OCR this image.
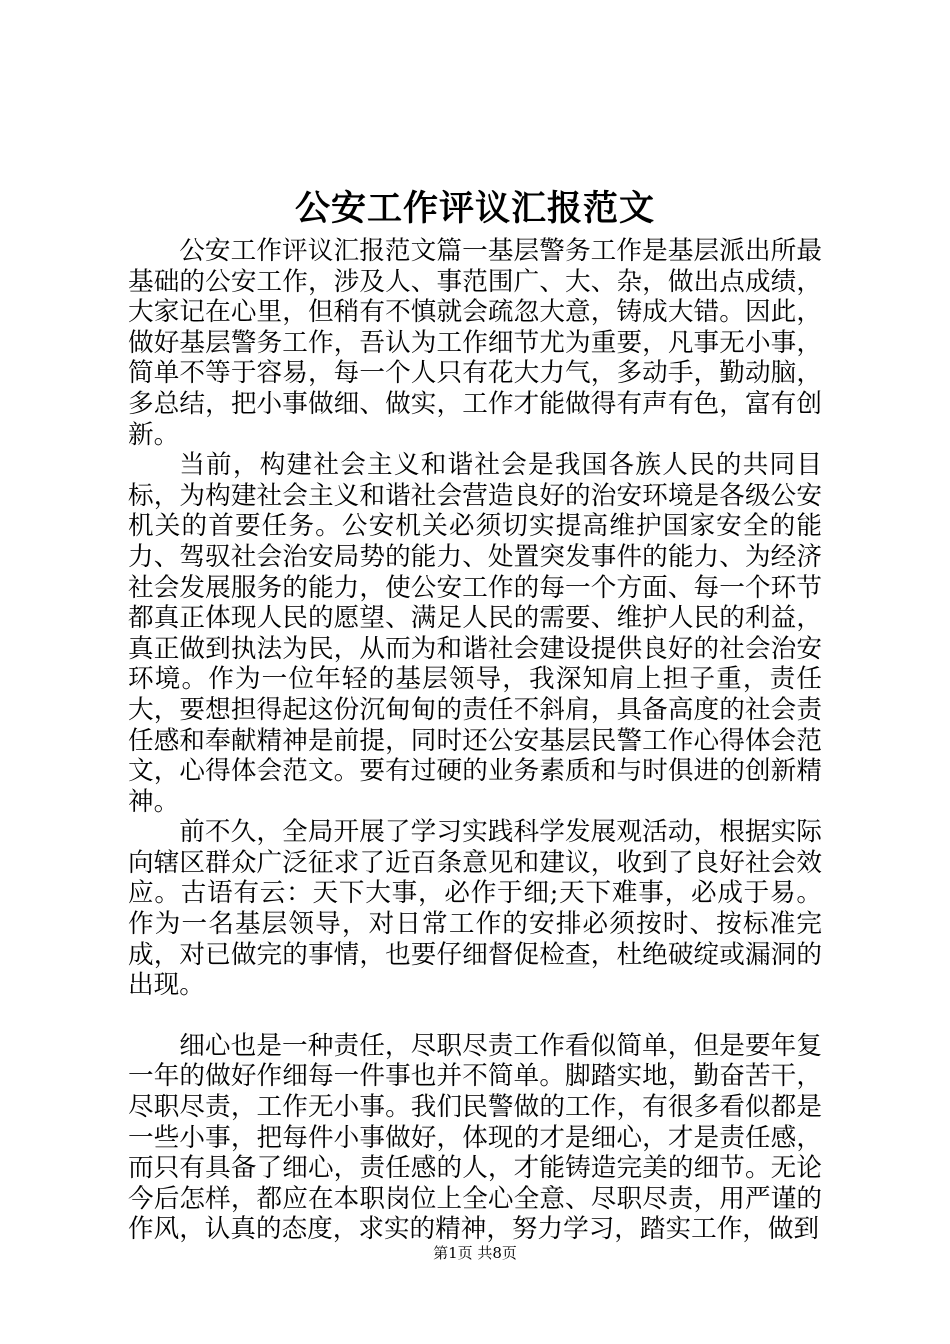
公安工作评议汇报范文

公安工作评议汇报范文篇一基层警务工作是基层派出所最基础的公安工作，涉及人、事范围广、大、杂，做出点成绩，大家记在心里，但稍有不慎就会疏忽大意，铸成大错。因此，做好基层警务工作，吾认为工作细节尤为重要，凡事无小事，简单不等于容易，每一个人只有花大力气，多动手，勤动脑，多总结，把小事做细、做实，工作才能做得有声有色，富有创新。

当前，构建社会主义和谐社会是我国各族人民的共同目标，为构建社会主义和谐社会营造良好的治安环境是各级公安机关的首要任务。公安机关必须切实提高维护国家安全的能力、驾驭社会治安局势的能力、处置突发事件的能力、为经济社会发展服务的能力，使公安工作的每一个方面、每一个环节都真正体现人民的愿望、满足人民的需要、维护人民的利益，真正做到执法为民，从而为和谐社会建设提供良好的社会治安环境。作为一位年轻的基层领导，我深知肩上担子重，责任大，要想担得起这份沉甸甸的责任不斜肩，具备高度的社会责任感和奉献精神是前提，同时还公安基层民警工作心得体会范文，心得体会范文。要有过硬的业务素质和与时俱进的创新精神。

前不久，全局开展了学习实践科学发展观活动，根据实际向辖区群众广泛征求了近百条意见和建议，收到了良好社会效应。古语有云：天下大事，必作于细;天下难事，必成于易。作为一名基层领导，对日常工作的安排必须按时、按标准完成，对已做完的事情，也要仔细督促检查，杜绝破绽或漏洞的出现。

细心也是一种责任，尽职尽责工作看似简单，但是要年复一年的做好作细每一件事也并不简单。脚踏实地，勤奋苦干，尽职尽责，工作无小事。我们民警做的工作，有很多看似都是一些小事，把每件小事做好，体现的才是细心，才是责任感，而只有具备了细心，责任感的人，才能铸造完美的细节。无论今后怎样，都应在本职岗位上全心全意、尽职尽责，用严谨的作风，认真的态度，求实的精神，努力学习，踏实工作，做到

第1页 共8页
